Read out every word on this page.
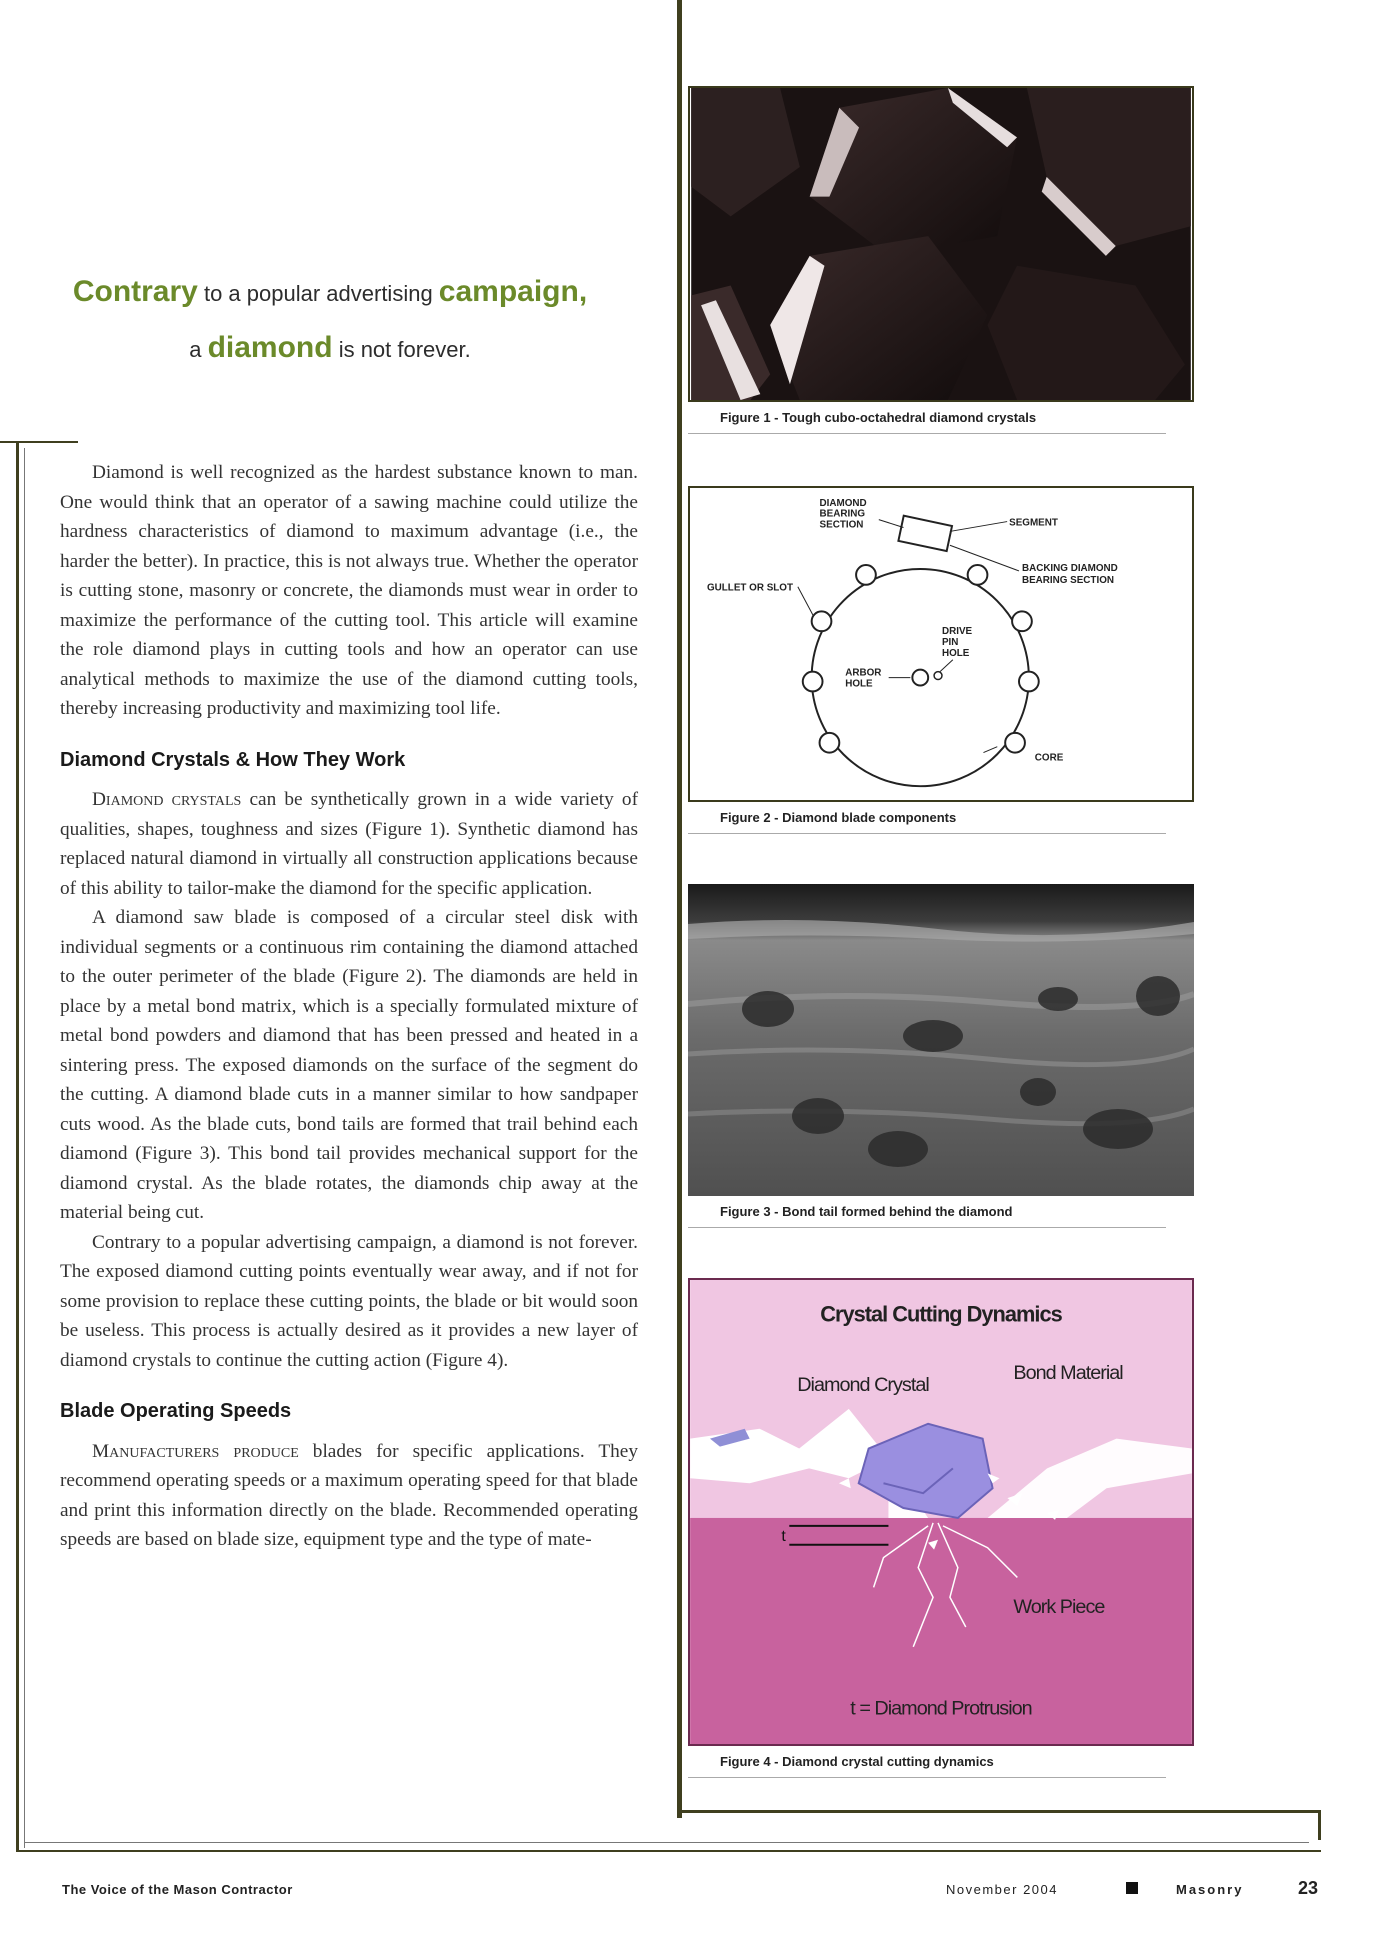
Contrary to a popular advertising campaign,
a diamond is not forever.

Diamond is well recognized as the hardest substance known to man. One would think that an operator of a sawing machine could utilize the hardness characteristics of diamond to maximum advantage (i.e., the harder the better). In practice, this is not always true. Whether the operator is cutting stone, masonry or concrete, the diamonds must wear in order to maximize the performance of the cutting tool. This article will examine the role diamond plays in cutting tools and how an operator can use analytical methods to maximize the use of the diamond cutting tools, thereby increasing productivity and maximizing tool life.

Diamond Crystals & How They Work

Diamond crystals can be synthetically grown in a wide variety of qualities, shapes, toughness and sizes (Figure 1). Synthetic diamond has replaced natural diamond in virtually all construction applications because of this ability to tailor-make the diamond for the specific application.

A diamond saw blade is composed of a circular steel disk with individual segments or a continuous rim containing the diamond attached to the outer perimeter of the blade (Figure 2). The diamonds are held in place by a metal bond matrix, which is a specially formulated mixture of metal bond powders and diamond that has been pressed and heated in a sintering press. The exposed diamonds on the surface of the segment do the cutting. A diamond blade cuts in a manner similar to how sandpaper cuts wood. As the blade cuts, bond tails are formed that trail behind each diamond (Figure 3). This bond tail provides mechanical support for the diamond crystal. As the blade rotates, the diamonds chip away at the material being cut.

Contrary to a popular advertising campaign, a diamond is not forever. The exposed diamond cutting points eventually wear away, and if not for some provision to replace these cutting points, the blade or bit would soon be useless. This process is actually desired as it provides a new layer of diamond crystals to continue the cutting action (Figure 4).

Blade Operating Speeds

Manufacturers produce blades for specific applications. They recommend operating speeds or a maximum operating speed for that blade and print this information directly on the blade. Recommended operating speeds are based on blade size, equipment type and the type of mate-

Figure 1 - Tough cubo-octahedral diamond crystals
DIAMOND
BEARING
SECTION	SEGMENT
BACKING DIAMOND
BEARING SECTION
GULLET OR SLOT
DRIVE
PIN
HOLE
ARBOR
HOLE
CORE
Figure 2 - Diamond blade components
Figure 3 - Bond tail formed behind the diamond
t
Crystal Cutting Dynamics
Diamond Crystal
Bond Material
Work Piece
t = Diamond Protrusion
Figure 4 - Diamond crystal cutting dynamics
The Voice of the Mason Contractor	November 2004	Masonry	23
